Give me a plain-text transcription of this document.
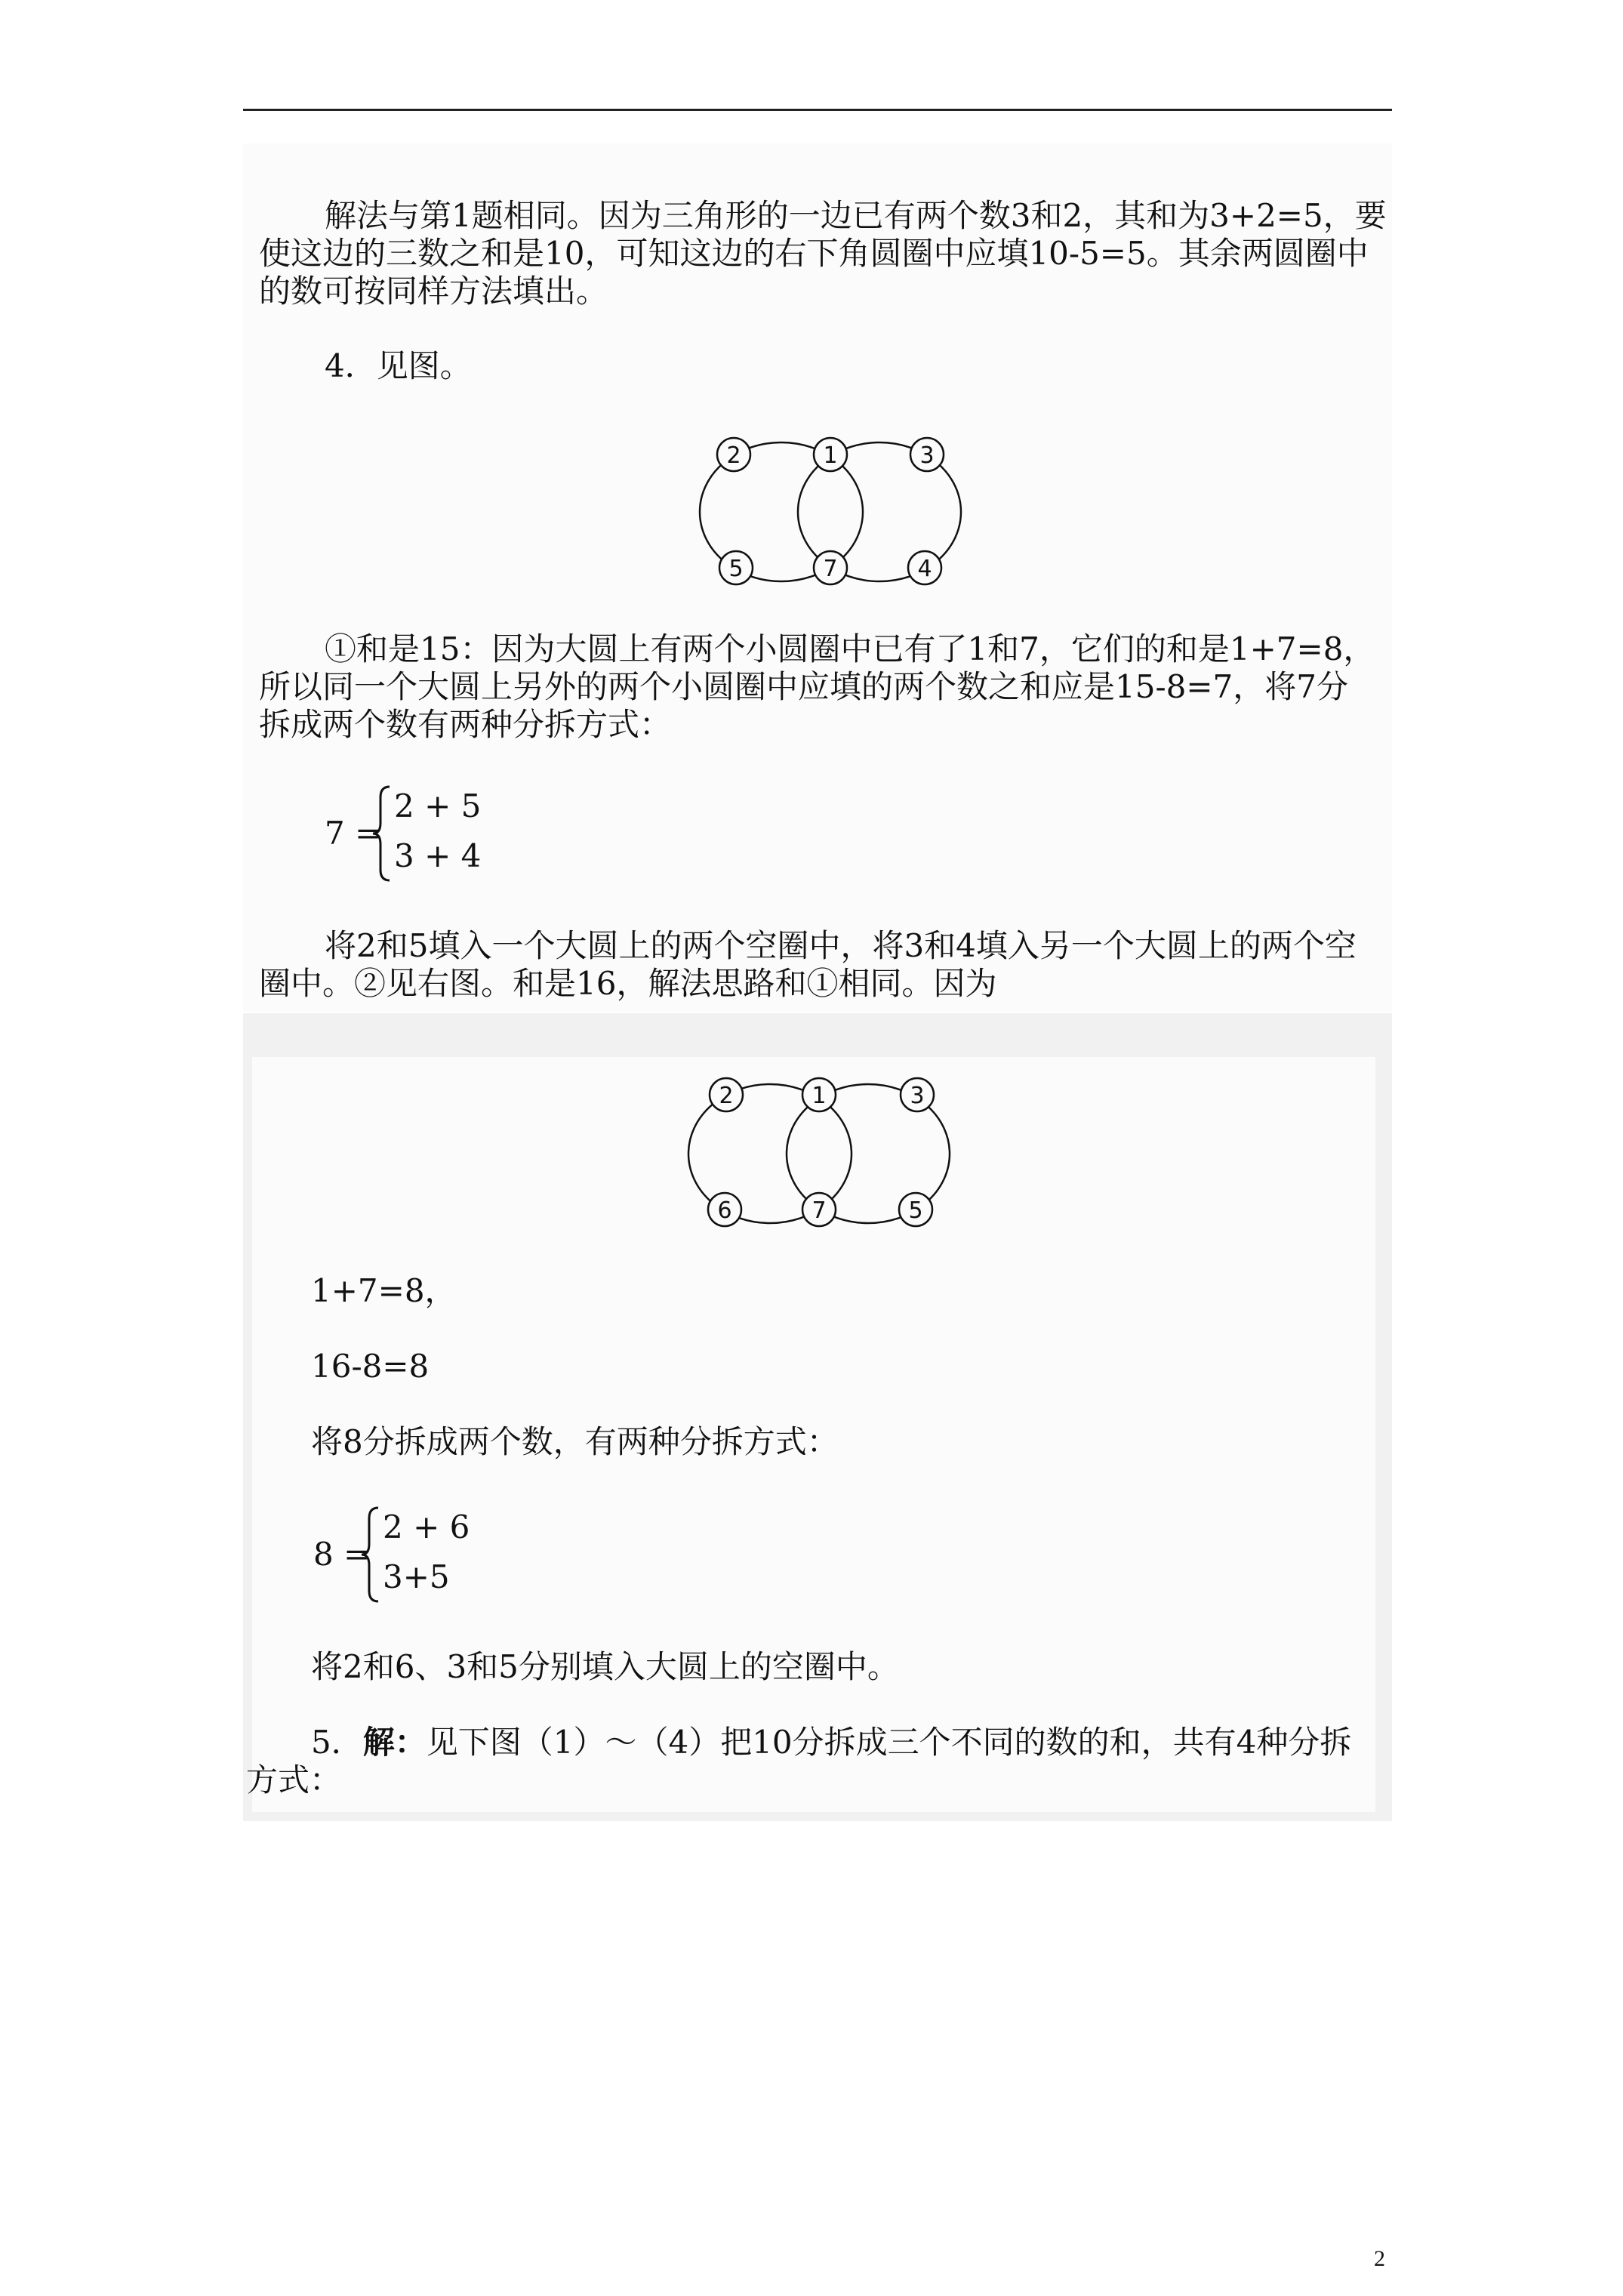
解法与第1题相同。因为三角形的一边已有两个数3和2，其和为3+2=5，要
使这边的三数之和是10，可知这边的右下角圆圈中应填10-5=5。其余两圆圈中
的数可按同样方法填出。
4．见图。
2	1	3
5	7	4
①和是15：因为大圆上有两个小圆圈中已有了1和7，它们的和是1+7=8，
所以同一个大圆上另外的两个小圆圈中应填的两个数之和应是15-8=7，将7分
拆成两个数有两种分拆方式：
7 =
2 + 5
3 + 4
将2和5填入一个大圆上的两个空圈中，将3和4填入另一个大圆上的两个空
圈中。②见右图。和是16，解法思路和①相同。因为
2	1	3
6	7	5
1+7=8，
16-8=8
将8分拆成两个数，有两种分拆方式：
8 =
2 + 6
3+5
将2和6、3和5分别填入大圆上的空圈中。
5．解：见下图（1）～（4）把10分拆成三个不同的数的和，共有4种分拆
方式：
2
